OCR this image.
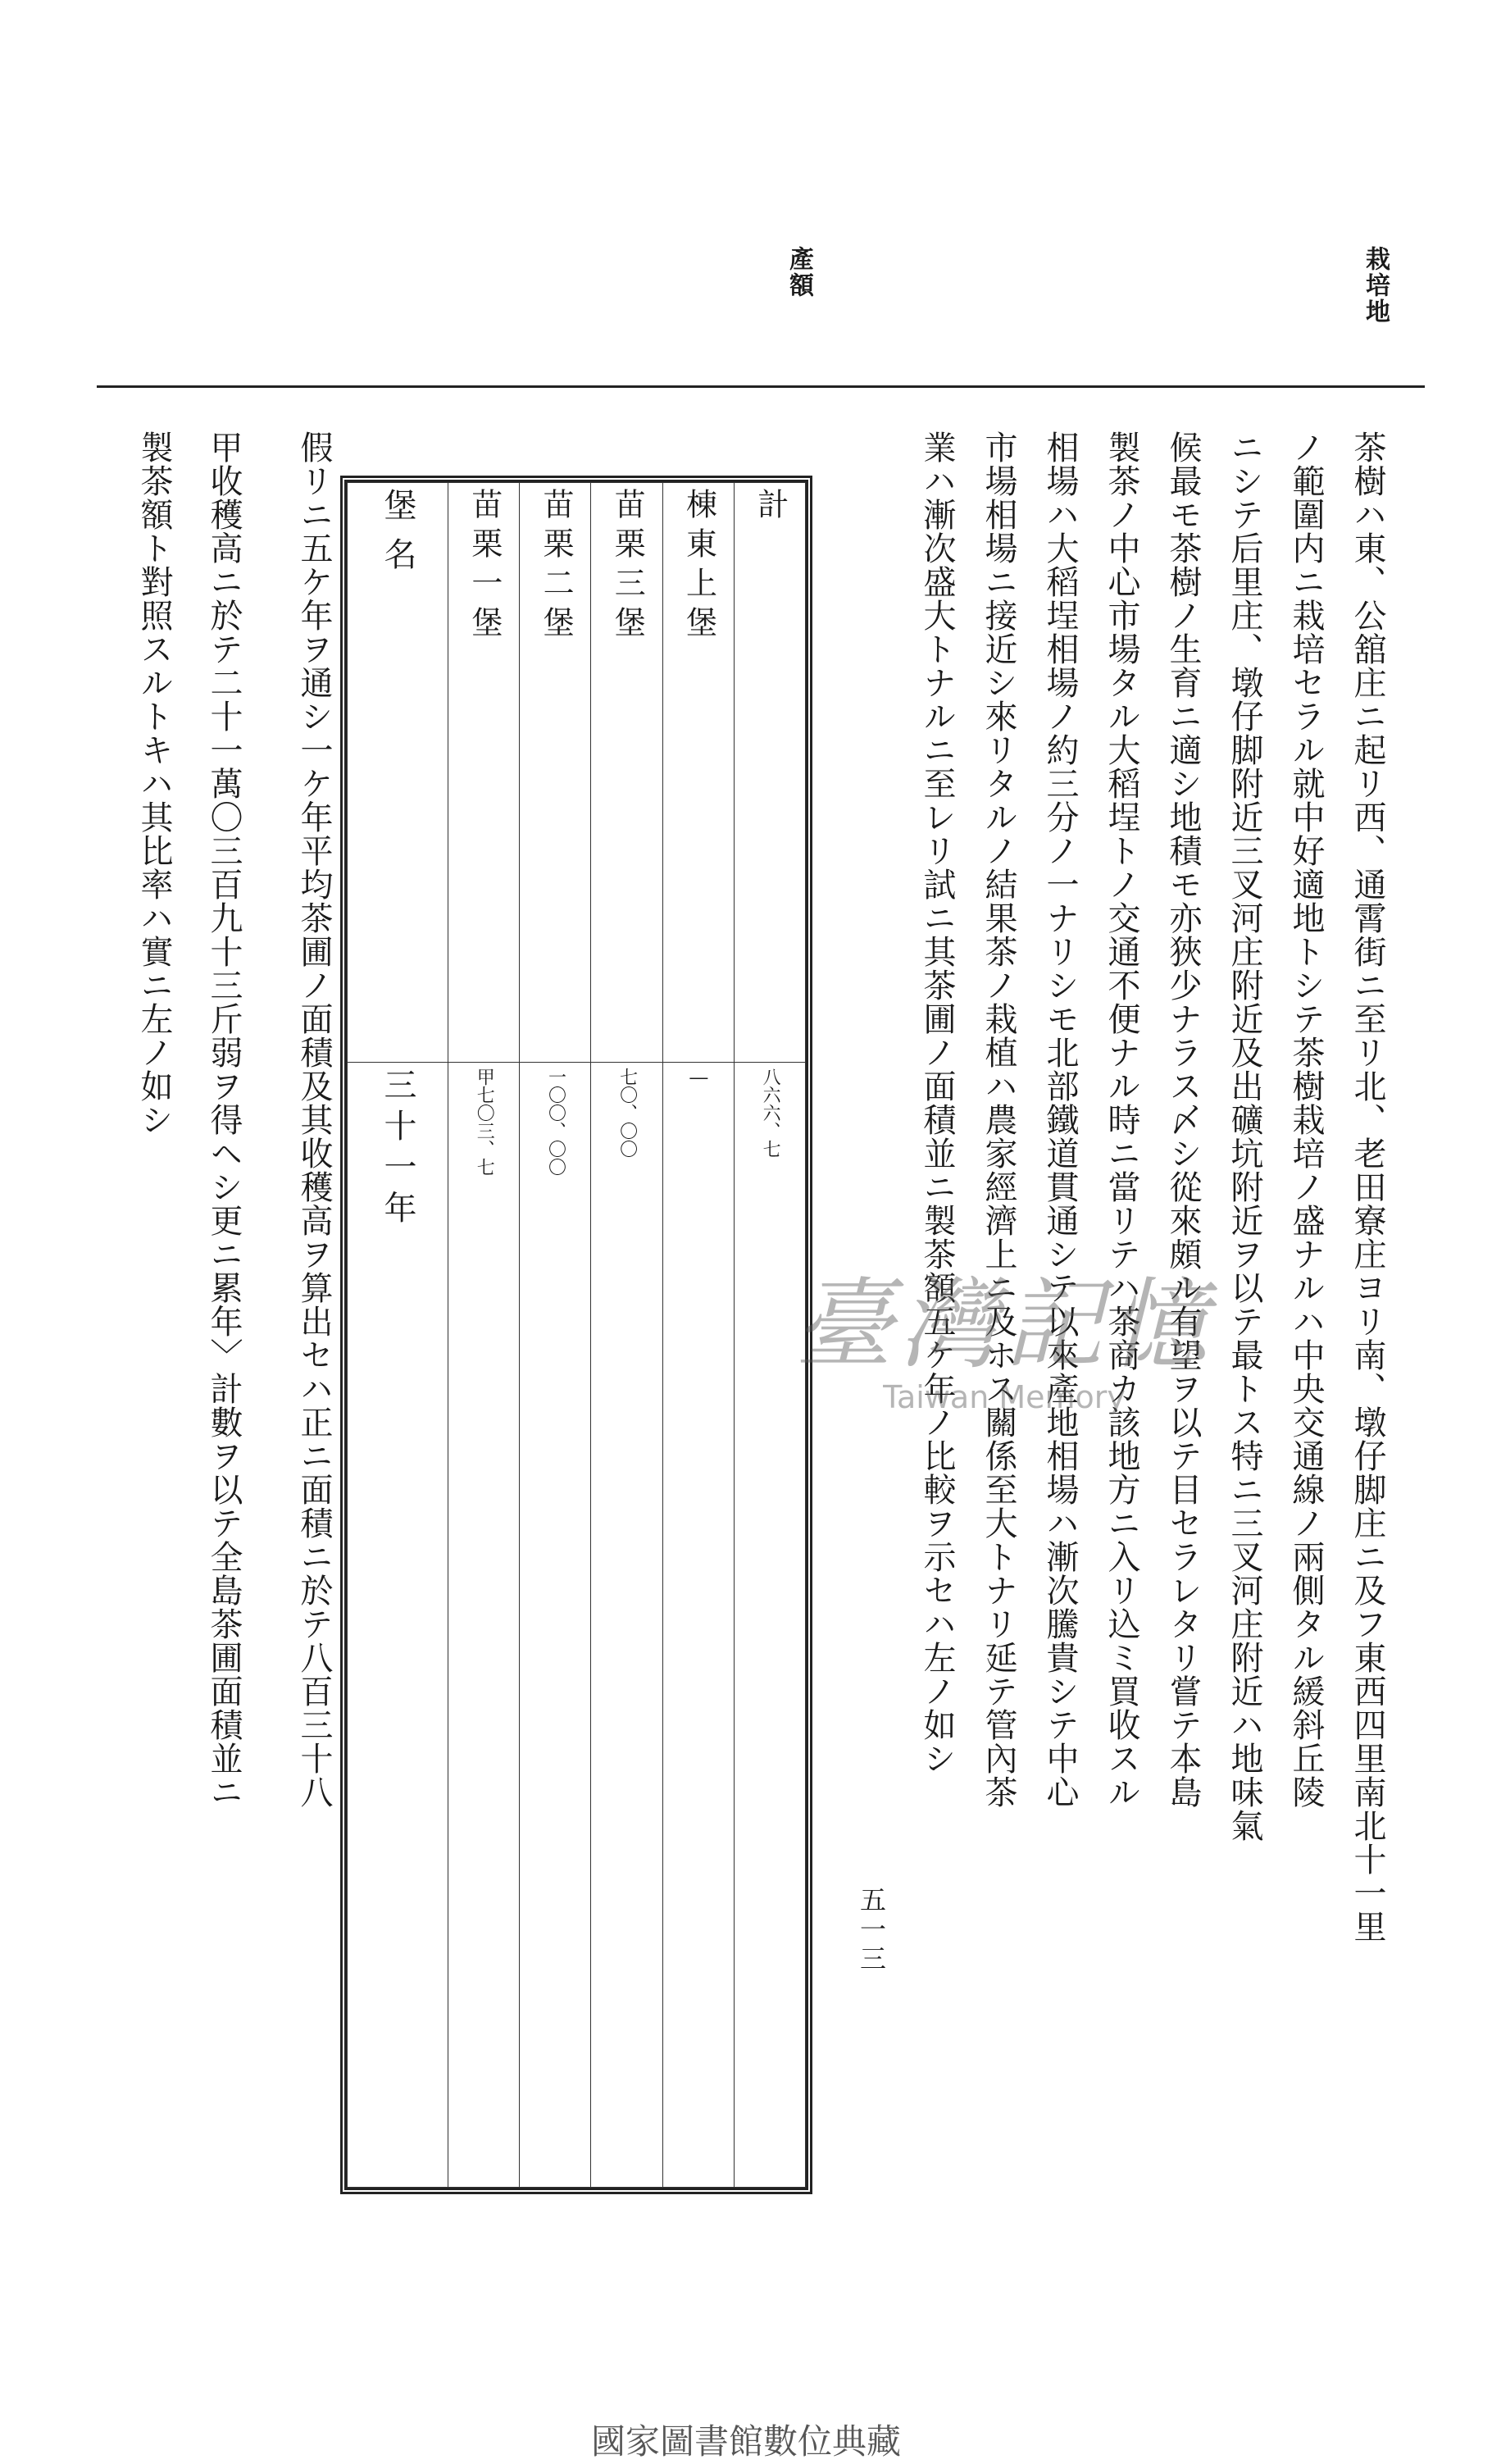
栽培地
產額
茶樹ハ東、公舘庄ニ起リ西、通霄街ニ至リ北、老田寮庄ヨリ南、墩仔脚庄ニ及フ東西四里南北十一里
ノ範圍内ニ栽培セラル就中好適地トシテ茶樹栽培ノ盛ナルハ中央交通線ノ兩側タル緩斜丘陵
ニシテ后里庄、墩仔脚附近三叉河庄附近及出礦坑附近ヲ以テ最トス特ニ三叉河庄附近ハ地味氣
候最モ茶樹ノ生育ニ適シ地積モ亦狹少ナラス〆シ從來頗ル有望ヲ以テ目セラレタリ嘗テ本島
製茶ノ中心市場タル大稻埕トノ交通不便ナル時ニ當リテハ茶商カ該地方ニ入リ込ミ買收スル
相場ハ大稻埕相場ノ約三分ノ一ナリシモ北部鐵道貫通シテ以來產地相場ハ漸次騰貴シテ中心
市場相場ニ接近シ來リタルノ結果茶ノ栽植ハ農家經濟上ニ及ホス關係至大トナリ延テ管內茶
業ハ漸次盛大トナルニ至レリ試ニ其茶圃ノ面積並ニ製茶額五ケ年ノ比較ヲ示セハ左ノ如シ
堡名	苗栗一堡	苗栗二堡	苗栗三堡	棟東上堡	計

三十一年	甲七〇三、七	一〇〇、〇〇	七〇、〇〇	―	八六六、七
假リニ五ケ年ヲ通シ一ケ年平均茶圃ノ面積及其收穫高ヲ算出セハ正ニ面積ニ於テ八百三十八
甲收穫高ニ於テ二十一萬〇三百九十三斤弱ヲ得ヘシ更ニ累年〉計數ヲ以テ全島茶圃面積並ニ
製茶額ト對照スルトキハ其比率ハ實ニ左ノ如シ
五一三
臺灣記憶
Taiwan Memory
國家圖書館數位典藏
